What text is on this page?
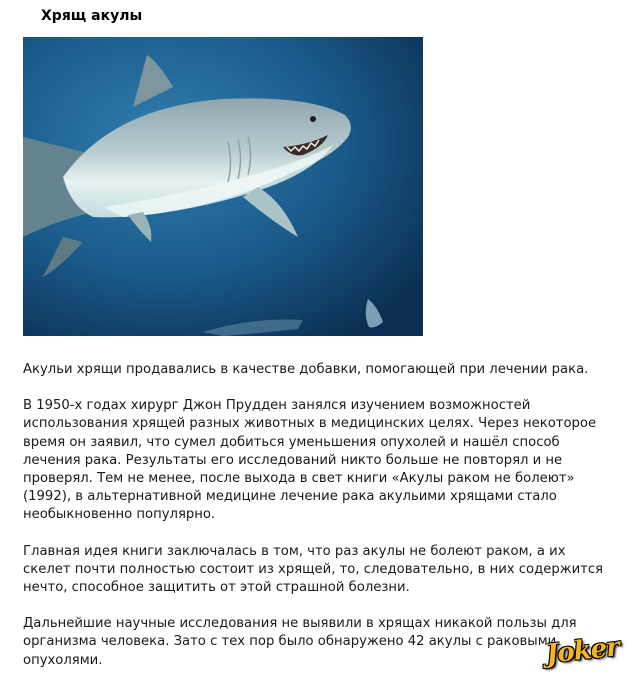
Хрящ акулы

Акульи хрящи продавались в качестве добавки, помогающей при лечении рака.

В 1950-х годах хирург Джон Прудден занялся изучением возможностей использования хрящей разных животных в медицинских целях. Через некоторое время он заявил, что сумел добиться уменьшения опухолей и нашёл способ лечения рака. Результаты его исследований никто больше не повторял и не проверял. Тем не менее, после выхода в свет книги «Акулы раком не болеют» (1992), в альтернативной медицине лечение рака акульими хрящами стало необыкновенно популярно.

Главная идея книги заключалась в том, что раз акулы не болеют раком, а их скелет почти полностью состоит из хрящей, то, следовательно, в них содержится нечто, способное защитить от этой страшной болезни.

Дальнейшие научные исследования не выявили в хрящах никакой пользы для организма человека. Зато с тех пор было обнаружено 42 акулы с раковыми опухолями.	Joker
